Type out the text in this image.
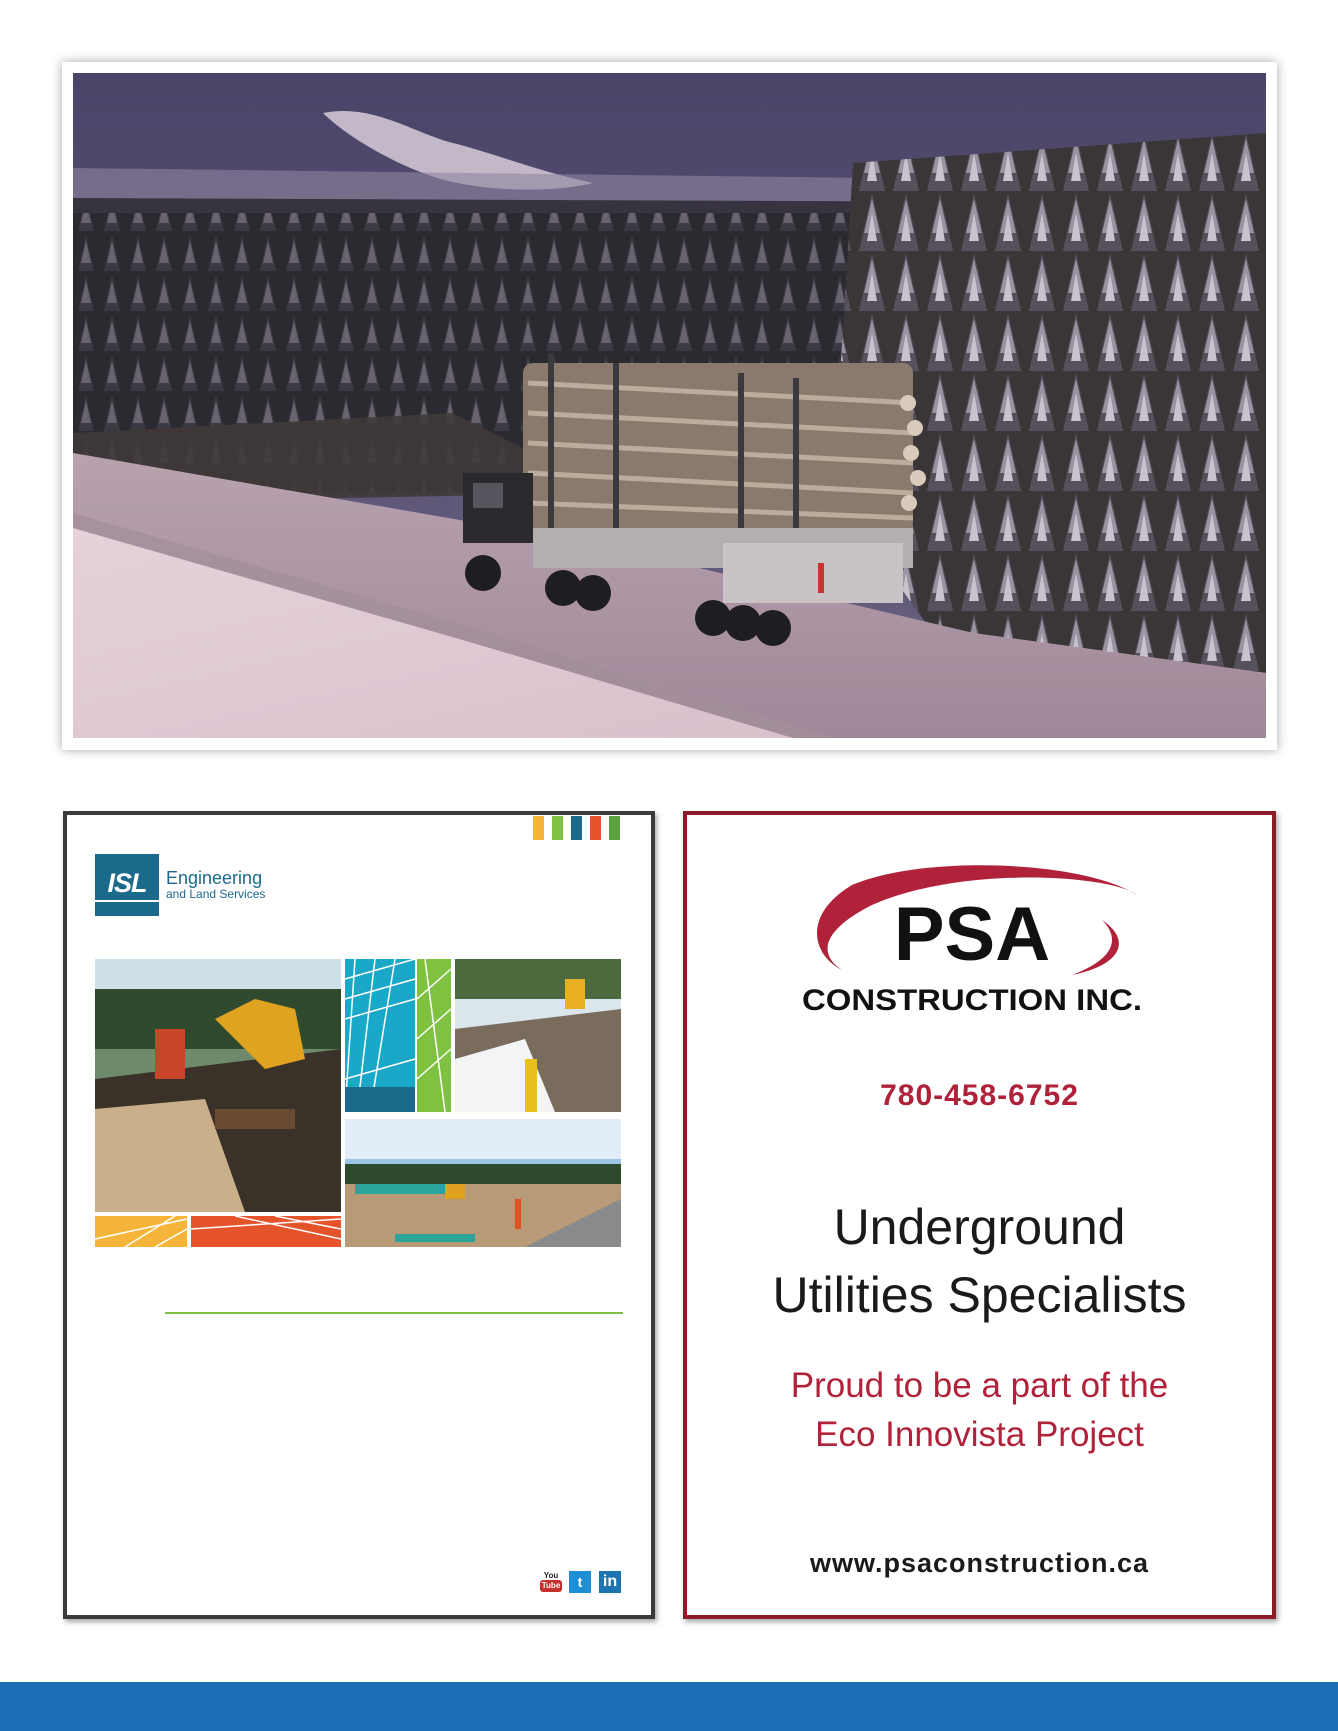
ISL Engineering
and Land Services
You
Tube t in
PSA
CONSTRUCTION INC.
780-458-6752
Underground
Utilities Specialists
Proud to be a part of the
Eco Innovista Project
www.psaconstruction.ca
